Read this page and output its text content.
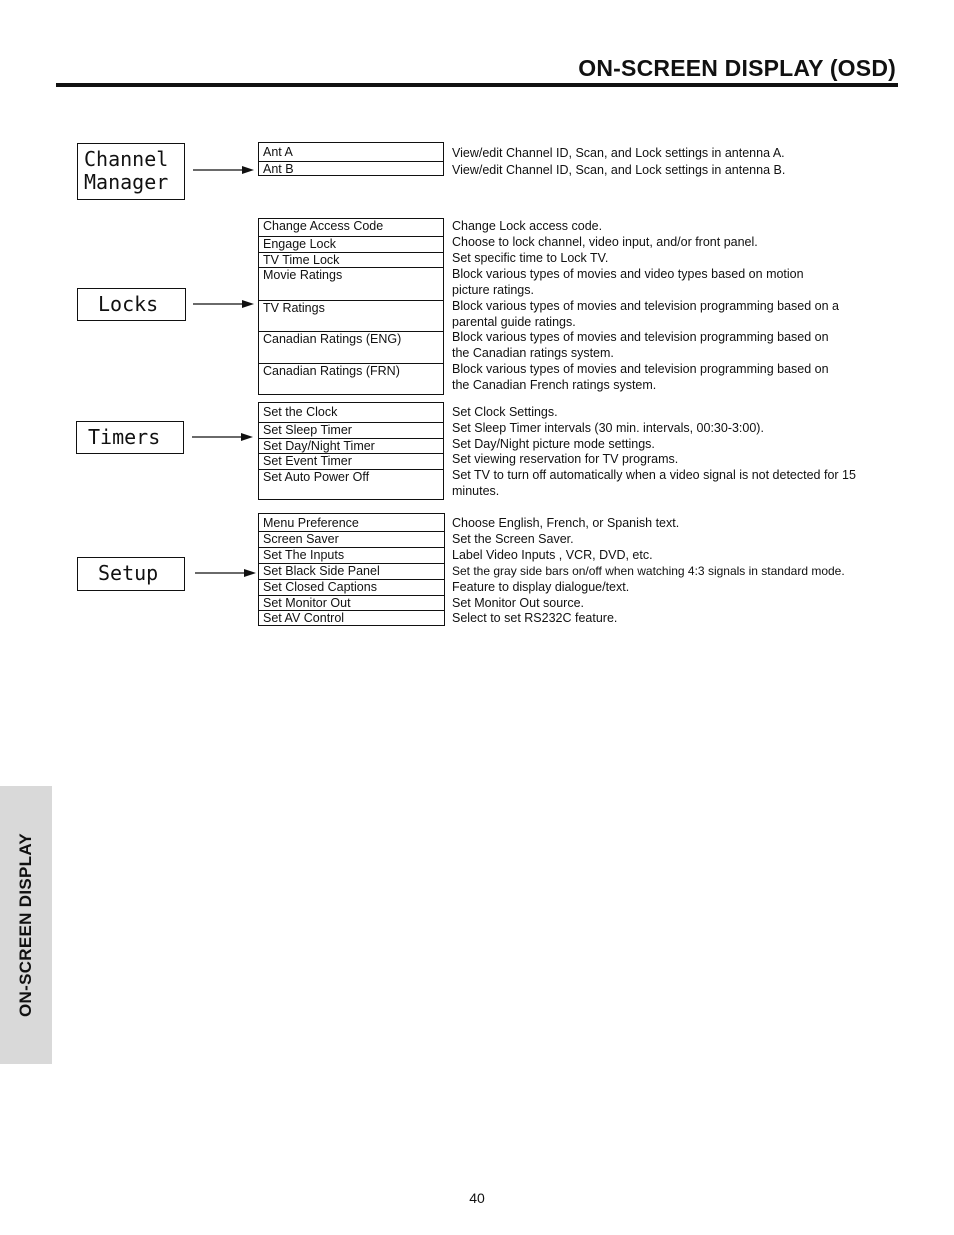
ON-SCREEN DISPLAY (OSD)
Channel
Manager
Ant A
Ant B
View/edit Channel ID, Scan, and Lock settings in antenna A.
View/edit Channel ID, Scan, and Lock settings in antenna B.
Locks
Change Access Code
Engage Lock
TV Time Lock
Movie Ratings
TV Ratings
Canadian Ratings (ENG)
Canadian Ratings (FRN)
Change Lock access code.
Choose to lock channel, video input, and/or front panel.
Set specific time to Lock TV.
Block various types of movies and video types based on motion
picture ratings.
Block various types of movies and television programming based on a
parental guide ratings.
Block various types of movies and television programming based on
the Canadian ratings system.
Block various types of movies and television programming based on
the Canadian French ratings system.
Timers
Set the Clock
Set Sleep Timer
Set Day/Night Timer
Set Event Timer
Set Auto Power Off
Set Clock Settings.
Set Sleep Timer intervals (30 min. intervals, 00:30-3:00).
Set Day/Night picture mode settings.
Set viewing reservation for TV programs.
Set TV to turn off automatically when a video signal is not detected for 15
minutes.
Setup
Menu Preference
Screen Saver
Set The Inputs
Set Black Side Panel
Set Closed Captions
Set Monitor Out
Set AV Control
Choose English, French, or Spanish text.
Set the Screen Saver.
Label Video Inputs , VCR, DVD, etc.
Set the gray side bars on/off when watching 4:3 signals in standard mode.
Feature to display dialogue/text.
Set Monitor Out source.
Select to set RS232C feature.
ON-SCREEN DISPLAY
40
